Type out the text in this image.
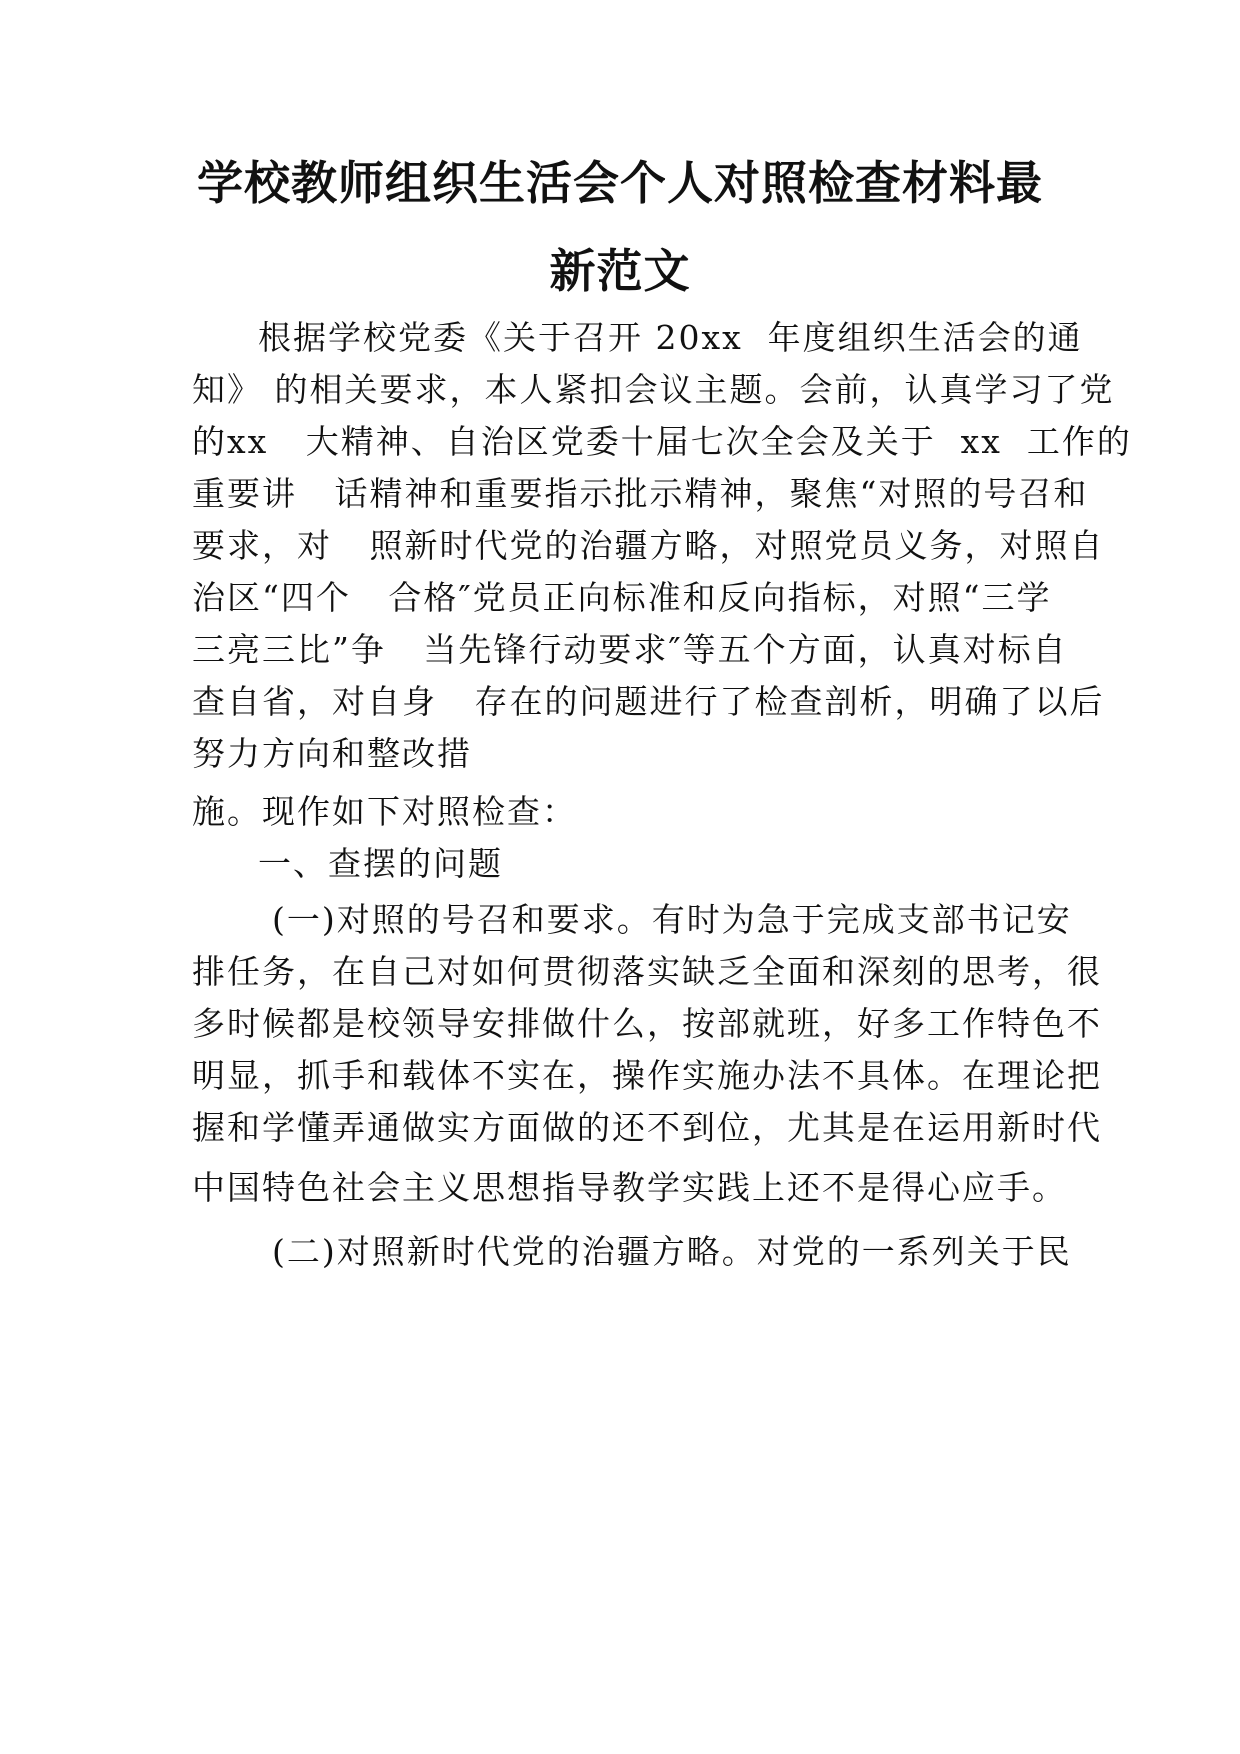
学校教师组织生活会个人对照检查材料最
新范文
根据学校党委《关于召开 20xx  年度组织生活会的通
知》 的相关要求，本人紧扣会议主题。会前，认真学习了党
的xx   大精神、自治区党委十届七次全会及关于  xx  工作的
重要讲   话精神和重要指示批示精神，聚焦“对照的号召和
要求，对   照新时代党的治疆方略，对照党员义务，对照自
治区“四个   合格″党员正向标准和反向指标，对照“三学
三亮三比”争   当先锋行动要求″等五个方面，认真对标自
查自省，对自身   存在的问题进行了检查剖析，明确了以后
努力方向和整改措
施。现作如下对照检查：
一、查摆的问题
(一)对照的号召和要求。有时为急于完成支部书记安
排任务，在自己对如何贯彻落实缺乏全面和深刻的思考，很
多时候都是校领导安排做什么，按部就班，好多工作特色不
明显，抓手和载体不实在，操作实施办法不具体。在理论把
握和学懂弄通做实方面做的还不到位，尤其是在运用新时代
中国特色社会主义思想指导教学实践上还不是得心应手。
(二)对照新时代党的治疆方略。对党的一系列关于民
